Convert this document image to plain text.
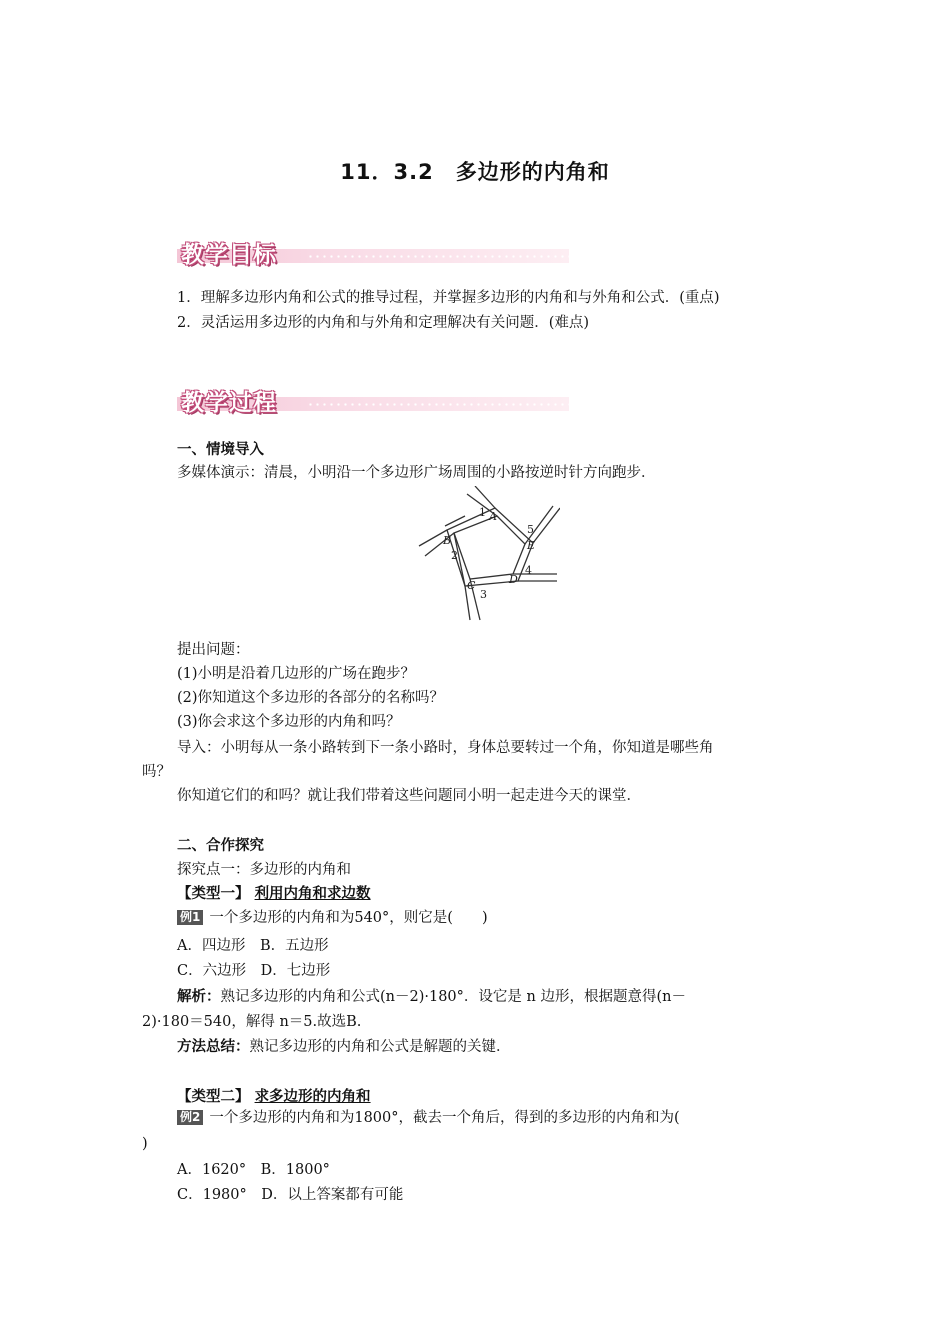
11．3.2　多边形的内角和
教学目标
1．理解多边形内角和公式的推导过程，并掌握多边形的内角和与外角和公式．(重点)
2．灵活运用多边形的内角和与外角和定理解决有关问题．(难点)
教学过程
一、情境导入
多媒体演示：清晨，小明沿一个多边形广场周围的小路按逆时针方向跑步．
A
B
C	D
E
1
2
3
4
5
提出问题：
(1)小明是沿着几边形的广场在跑步？
(2)你知道这个多边形的各部分的名称吗？
(3)你会求这个多边形的内角和吗？
导入：小明每从一条小路转到下一条小路时，身体总要转过一个角，你知道是哪些角
吗？
你知道它们的和吗？就让我们带着这些问题同小明一起走进今天的课堂．
二、合作探究
探究点一：多边形的内角和
【类型一】 利用内角和求边数
例1 一个多边形的内角和为540°，则它是(　　)
A．四边形　B．五边形
C．六边形　D．七边形
解析：熟记多边形的内角和公式(n－2)·180°．设它是 n 边形，根据题意得(n－
2)·180＝540，解得 n＝5.故选B.
方法总结：熟记多边形的内角和公式是解题的关键．
【类型二】 求多边形的内角和
例2 一个多边形的内角和为1800°，截去一个角后，得到的多边形的内角和为(
)
A．1620°　B．1800°
C．1980°　D．以上答案都有可能
